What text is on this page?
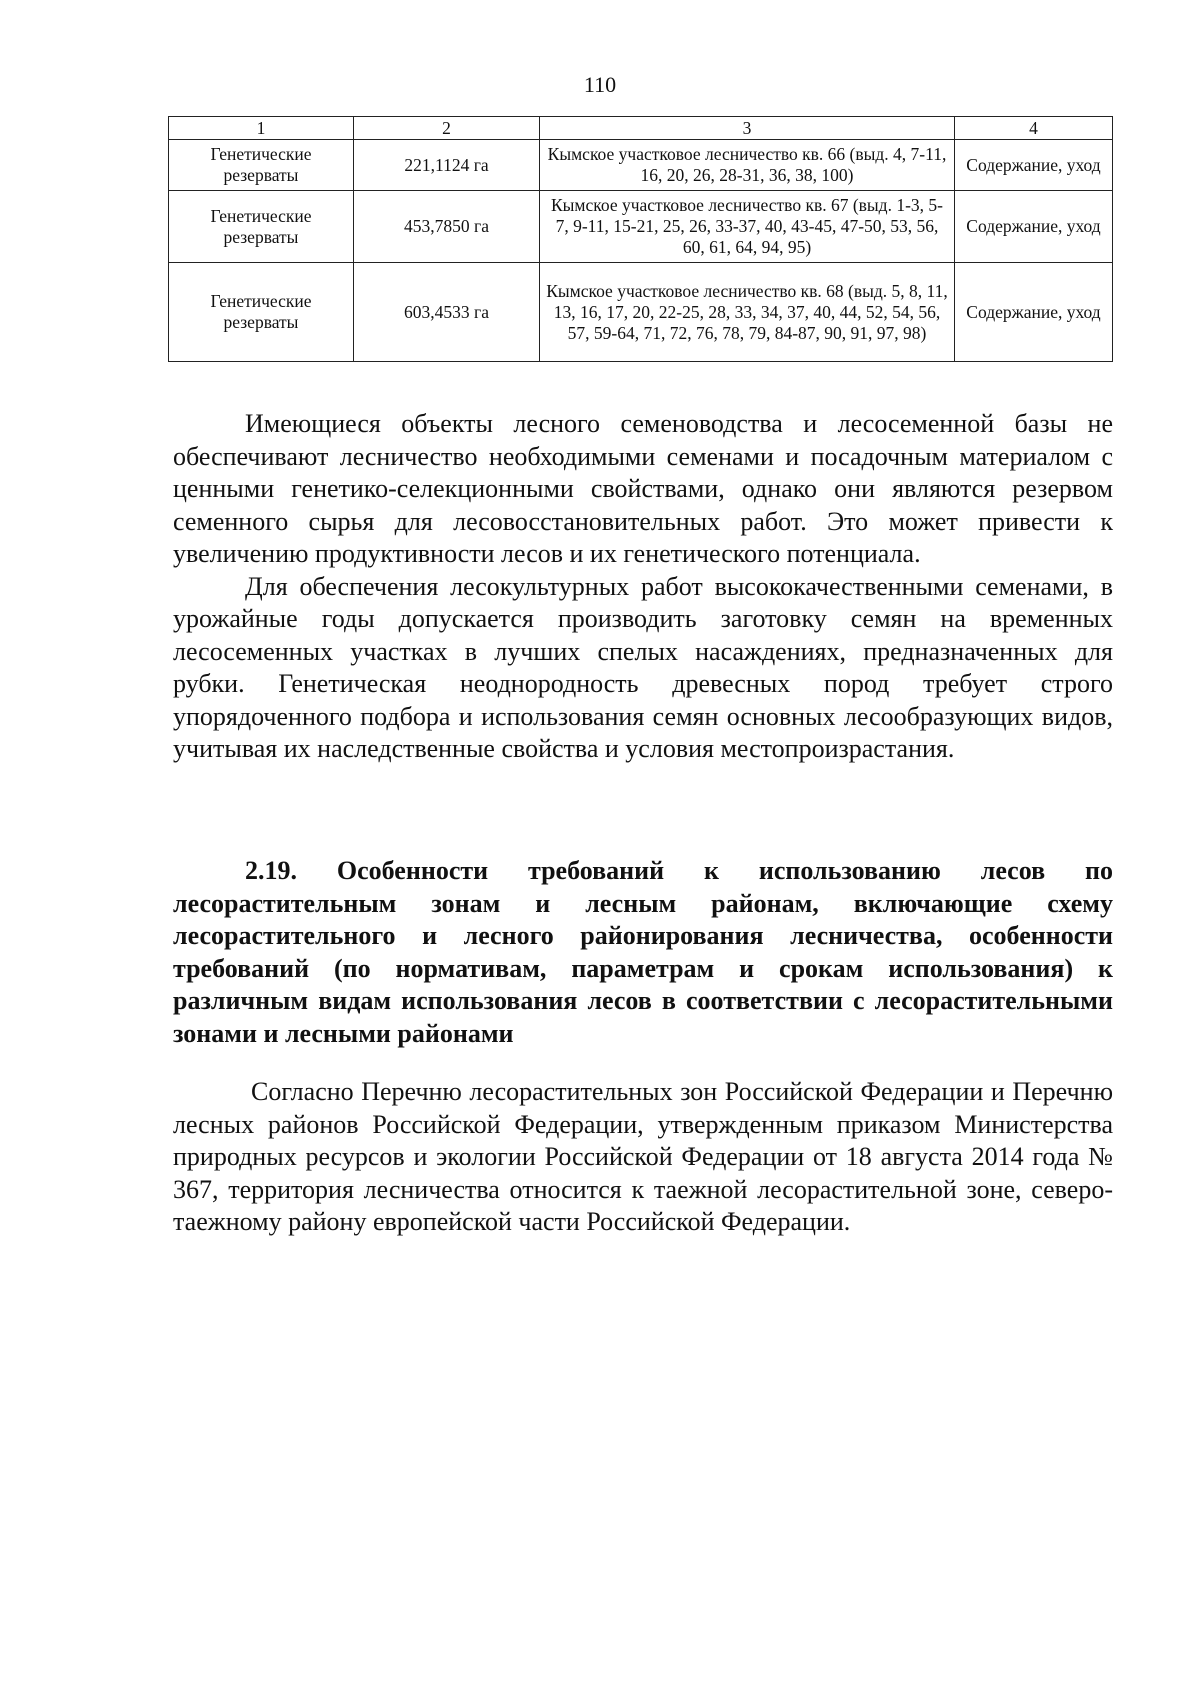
110
1	2	3	4
Генетические резерваты	221,1124 га	Кымское участковое лесничество кв. 66 (выд. 4, 7-11, 16, 20, 26, 28-31, 36, 38, 100)	Содержание, уход
Генетические резерваты	453,7850 га	Кымское участковое лесничество кв. 67 (выд. 1-3, 5-7, 9-11, 15-21, 25, 26, 33-37, 40, 43-45, 47-50, 53, 56, 60, 61, 64, 94, 95)	Содержание, уход
Генетические резерваты	603,4533 га	Кымское участковое лесничество кв. 68 (выд. 5, 8, 11, 13, 16, 17, 20, 22-25, 28, 33, 34, 37, 40, 44, 52, 54, 56, 57, 59-64, 71, 72, 76, 78, 79, 84-87, 90, 91, 97, 98)	Содержание, уход

Имеющиеся объекты лесного семеноводства и лесосеменной базы не обеспечивают лесничество необходимыми семенами и посадочным материалом с ценными генетико-селекционными свойствами, однако они являются резервом семенного сырья для лесовосстановительных работ. Это может привести к увеличению продуктивности лесов и их генетического потенциала.

Для обеспечения лесокультурных работ высококачественными семенами, в урожайные годы допускается производить заготовку семян на временных лесосеменных участках в лучших спелых насаждениях, предназначенных для рубки. Генетическая неоднородность древесных пород требует строго упорядоченного подбора и использования семян основных лесообразующих видов, учитывая их наследственные свойства и условия местопроизрастания.

2.19. Особенности требований к использованию лесов по лесорастительным зонам и лесным районам, включающие схему лесорастительного и лесного районирования лесничества, особенности требований (по нормативам, параметрам и срокам использования) к различным видам использования лесов в соответствии с лесорастительными зонами и лесными районами

Согласно Перечню лесорастительных зон Российской Федерации и Перечню лесных районов Российской Федерации, утвержденным приказом Министерства природных ресурсов и экологии Российской Федерации от 18 августа 2014 года № 367, территория лесничества относится к таежной лесорастительной зоне, северо-таежному району европейской части Российской Федерации.
